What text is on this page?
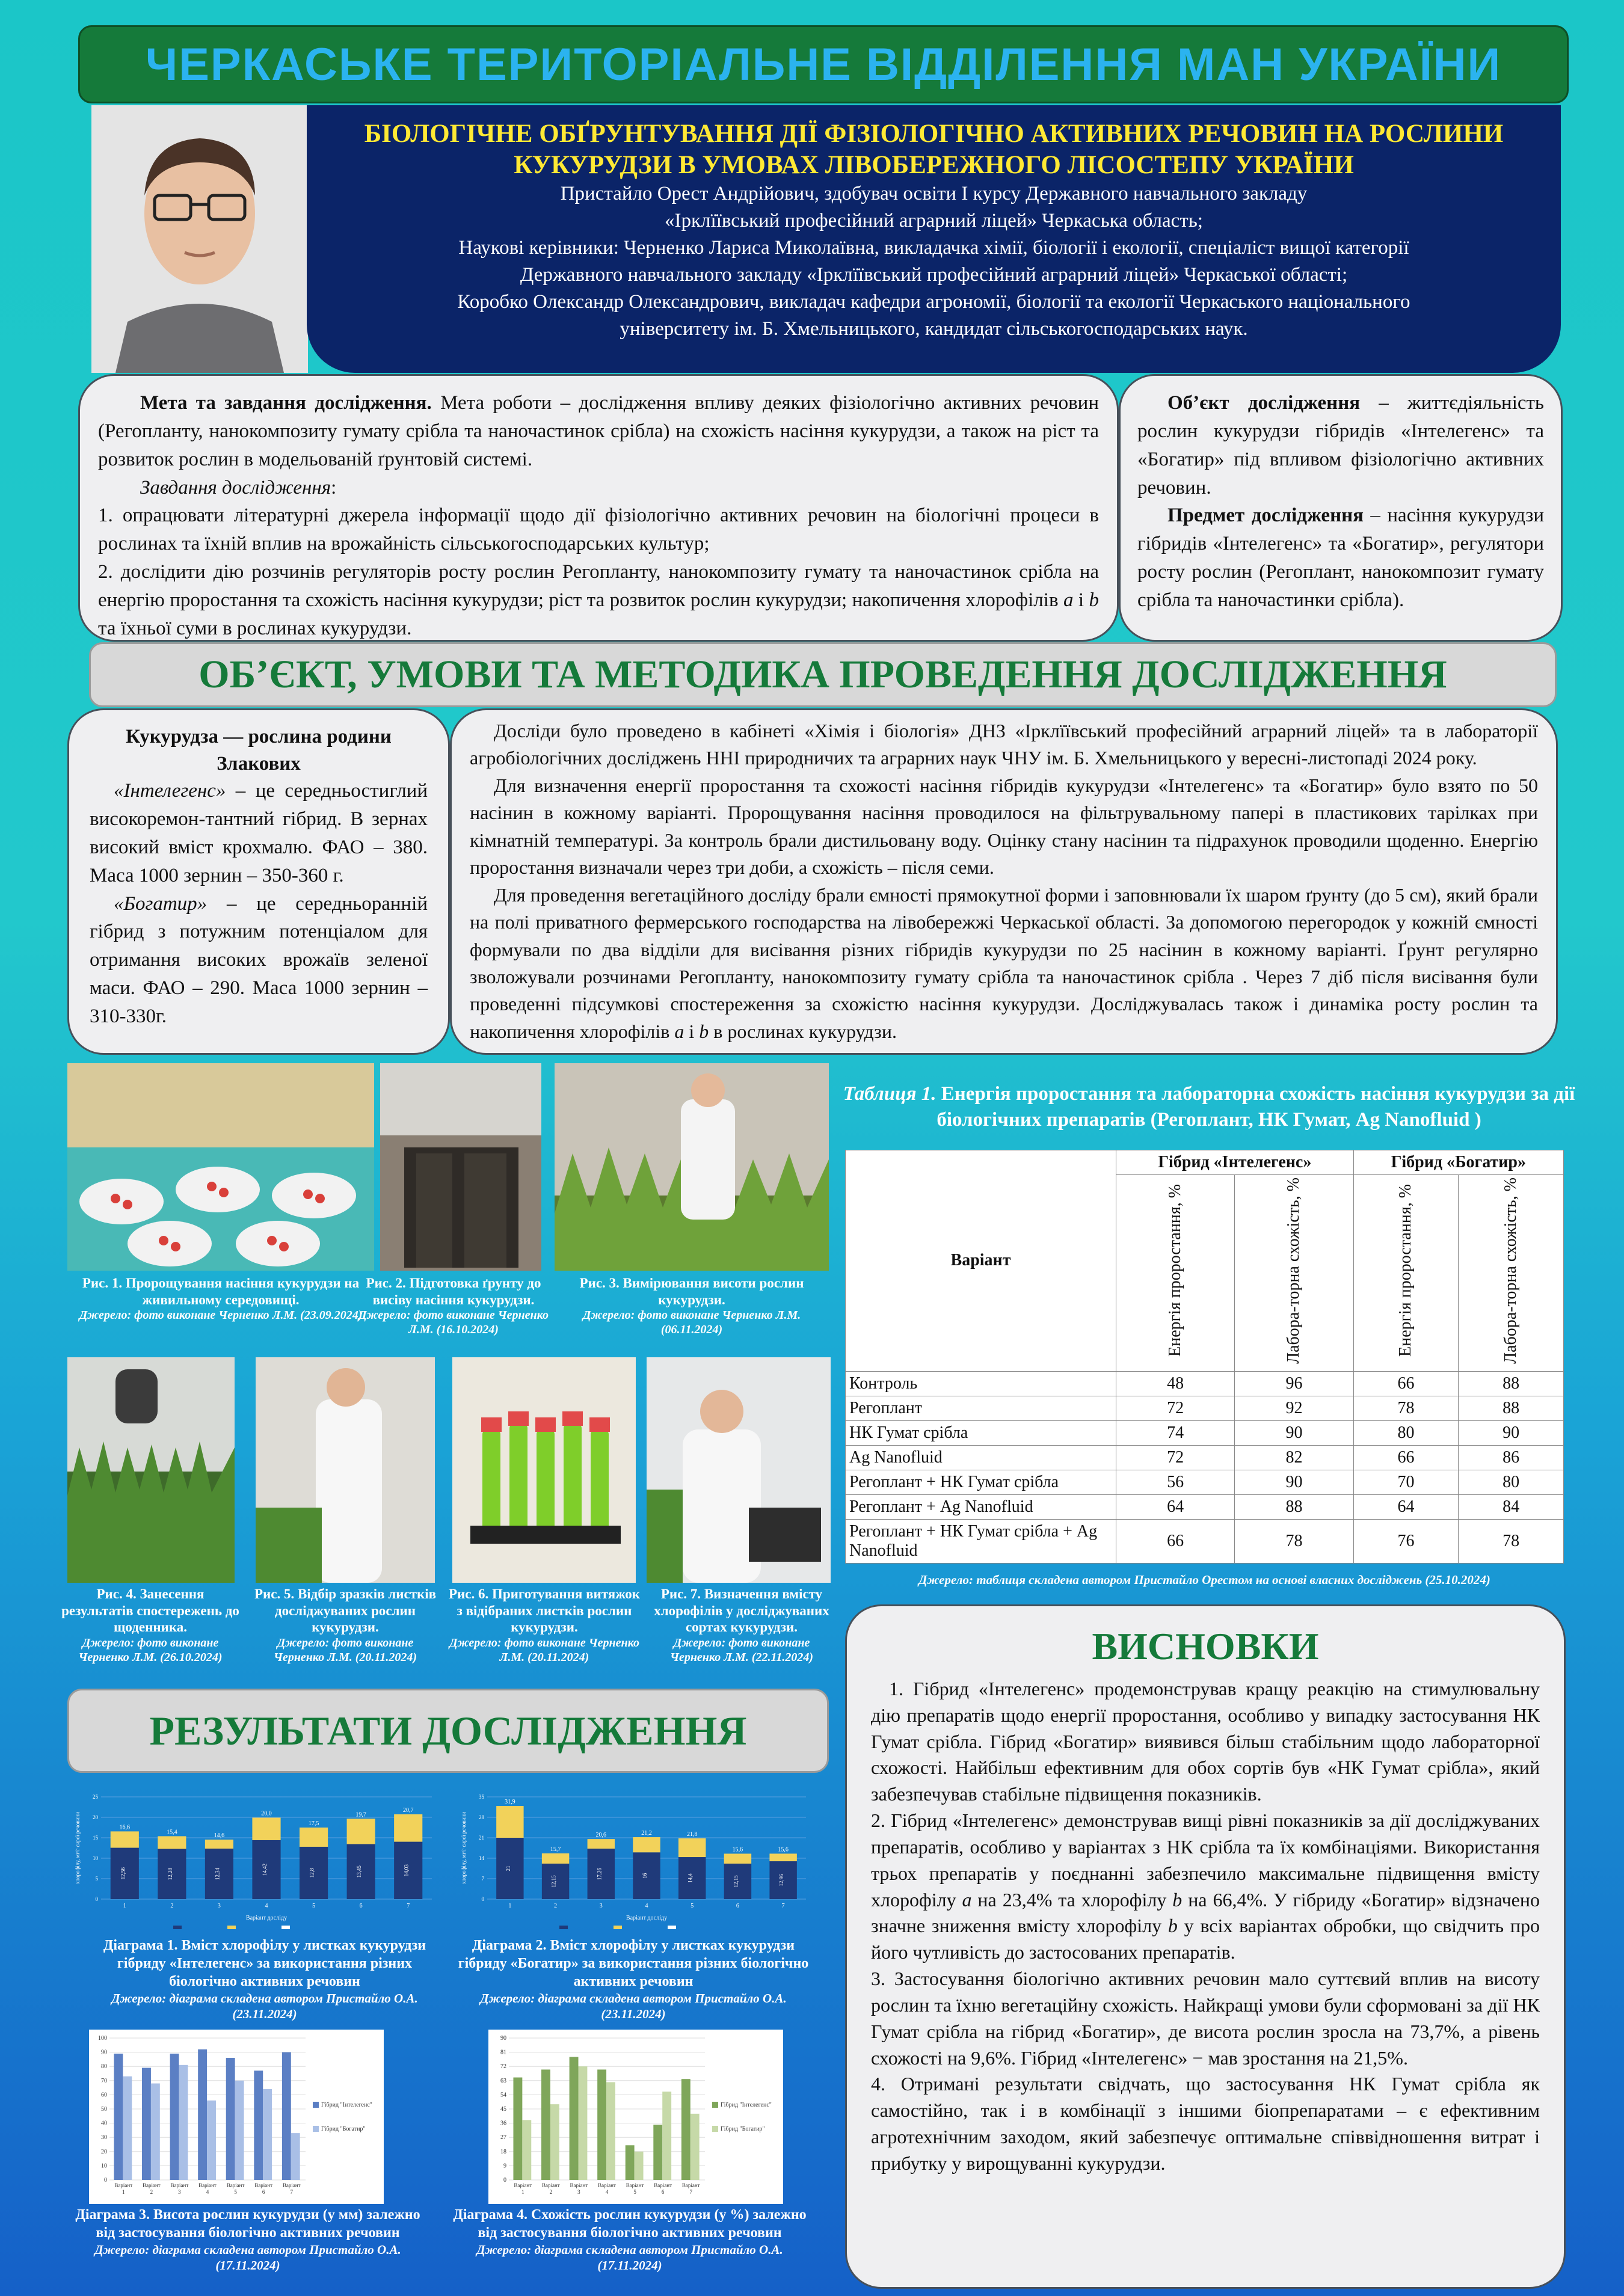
ЧЕРКАСЬКЕ ТЕРИТОРІАЛЬНЕ ВІДДІЛЕННЯ МАН УКРАЇНИ
БІОЛОГІЧНЕ ОБҐРУНТУВАННЯ ДІЇ ФІЗІОЛОГІЧНО АКТИВНИХ РЕЧОВИН НА РОСЛИНИ КУКУРУДЗИ В УМОВАХ ЛІВОБЕРЕЖНОГО ЛІСОСТЕПУ УКРАЇНИ
Пристайло Орест Андрійович, здобувач освіти І курсу Державного навчального закладу
«Ірклїївський професійний аграрний ліцей» Черкаська область;
Наукові керівники: Черненко Лариса Миколаївна, викладачка хімії, біології і екології, спеціаліст вищої категорії
Державного навчального закладу «Ірклїївський професійний аграрний ліцей» Черкаської області;
Коробко Олександр Олександрович, викладач кафедри агрономії, біології та екології Черкаського національного
університету ім. Б. Хмельницького, кандидат сільськогосподарських наук.

Мета та завдання дослідження. Мета роботи – дослідження впливу деяких фізіологічно активних речовин (Регопланту, нанокомпозиту гумату срібла та наночастинок срібла) на схожість насіння кукурудзи, а також на ріст та розвиток рослин в модельованій ґрунтовій системі.

Завдання дослідження:

1. опрацювати літературні джерела інформації щодо дії фізіологічно активних речовин на біологічні процеси в рослинах та їхній вплив на врожайність сільськогосподарських культур;

2. дослідити дію розчинів регуляторів росту рослин Регопланту, нанокомпозиту гумату та наночастинок срібла на енергію проростання та схожість насіння кукурудзи; ріст та розвиток рослин кукурудзи; накопичення хлорофілів a і b та їхньої суми в рослинах кукурудзи.

Об’єкт дослідження – життєдіяльність рослин кукурудзи гібридів «Інтелегенс» та «Богатир» під впливом фізіологічно активних речовин.

Предмет дослідження – насіння кукурудзи гібридів «Інтелегенс» та «Богатир», регулятори росту рослин (Регоплант, нанокомпозит гумату срібла та наночастинки срібла).

ОБ’ЄКТ, УМОВИ ТА МЕТОДИКА ПРОВЕДЕННЯ ДОСЛІДЖЕННЯ

Кукурудза — рослина родини Злакових

«Інтелегенс» – це середньостиглий високоремон-тантний гібрид. В зернах високий вміст крохмалю. ФАО – 380. Маса 1000 зернин – 350-360 г.

«Богатир» – це середньоранній гібрид з потужним потенціалом для отримання високих врожаїв зеленої маси. ФАО – 290. Маса 1000 зернин – 310-330г.

Досліди було проведено в кабінеті «Хімія і біологія» ДНЗ «Ірклїївський професійний аграрний ліцей» та в лабораторії агробіологічних досліджень ННІ природничих та аграрних наук ЧНУ ім. Б. Хмельницького у вересні-листопаді 2024 року.

Для визначення енергії проростання та схожості насіння гібридів кукурудзи «Інтелегенс» та «Богатир» було взято по 50 насінин в кожному варіанті. Пророщування насіння проводилося на фільтрувальному папері в пластикових тарілках при кімнатній температурі. За контроль брали дистильовану воду. Оцінку стану насінин та підрахунок проводили щоденно. Енергію проростання визначали через три доби, а схожість – після семи.

Для проведення вегетаційного досліду брали ємності прямокутної форми і заповнювали їх шаром ґрунту (до 5 см), який брали на полі приватного фермерського господарства на лівобережжі Черкаської області. За допомогою перегородок у кожній ємності формували по два відділи для висівання різних гібридів кукурудзи по 25 насінин в кожному варіанті. Ґрунт регулярно зволожували розчинами Регопланту, нанокомпозиту гумату срібла та наночастинок срібла . Через 7 діб після висівання були проведенні підсумкові спостереження за схожістю насіння кукурудзи. Досліджувалась також і динаміка росту рослин та накопичення хлорофілів a і b в рослинах кукурудзи.

Рис. 1. Пророщування насіння кукурудзи на живильному середовищі.
Джерело: фото виконане Черненко Л.М. (23.09.2024)
Рис. 2. Підготовка ґрунту до висіву насіння кукурудзи.
Джерело: фото виконане Черненко Л.М. (16.10.2024)
Рис. 3. Вимірювання висоти рослин кукурудзи.
Джерело: фото виконане Черненко Л.М. (06.11.2024)
Рис. 4. Занесення результатів спостережень до щоденника.
Джерело: фото виконане Черненко Л.М. (26.10.2024)
Рис. 5. Відбір зразків листків досліджуваних рослин кукурудзи.
Джерело: фото виконане Черненко Л.М. (20.11.2024)
Рис. 6. Приготування витяжок з відібраних листків рослин кукурудзи.
Джерело: фото виконане Черненко Л.М. (20.11.2024)
Рис. 7. Визначення вмісту хлорофілів у досліджуваних сортах кукурудзи.
Джерело: фото виконане Черненко Л.М. (22.11.2024)
Таблиця 1. Енергія проростання та лабораторна схожість насіння кукурудзи за дії біологічних препаратів (Регоплант, НК Гумат, Ag Nanofluid )
Варіант	Гібрид «Інтелегенс»		Гібрид «Богатир»	
	Енергія проростання, %	Лабора-торна схожість, %	Енергія проростання, %	Лабора-торна схожість, %
Контроль	48	96	66	88
Регоплант	72	92	78	88
НК Гумат срібла	74	90	80	90
Ag Nanofluid	72	82	66	86
Регоплант + НК Гумат срібла	56	90	70	80
Регоплант + Ag Nanofluid	64	88	64	84
Регоплант + НК Гумат срібла + Ag Nanofluid	66	78	76	78
Джерело: таблиця складена автором Пристайло Орестом на основі власних досліджень (25.10.2024)
ВИСНОВКИ

1. Гібрид «Інтелегенс» продемонстрував кращу реакцію на стимулювальну дію препаратів щодо енергії проростання, особливо у випадку застосування НК Гумат срібла. Гібрид «Богатир» виявився більш стабільним щодо лабораторної схожості. Найбільш ефективним для обох сортів був «НК Гумат срібла», який забезпечував стабільне підвищення показників.

2. Гібрид «Інтелегенс» демонстрував вищі рівні показників за дії досліджуваних препаратів, особливо у варіантах з НК срібла та їх комбінаціями. Використання трьох препаратів у поєднанні забезпечило максимальне підвищення вмісту хлорофілу a на 23,4% та хлорофілу b на 66,4%. У гібриду «Богатир» відзначено значне зниження вмісту хлорофілу b у всіх варіантах обробки, що свідчить про його чутливість до застосованих препаратів.

3. Застосування біологічно активних речовин мало суттєвий вплив на висоту рослин та їхню вегетаційну схожість. Найкращі умови були сформовані за дії НК Гумат срібла на гібрид «Богатир», де висота рослин зросла на 73,7%, а рівень схожості на 9,6%. Гібрид «Інтелегенс» − мав зростання на 21,5%.

4. Отримані результати свідчать, що застосування НК Гумат срібла як самостійно, так і в комбінації з іншими біопрепаратами – є ефективним агротехнічним заходом, який забезпечує оптимальне співвідношення витрат і прибутку у вирощуванні кукурудзи.

РЕЗУЛЬТАТИ ДОСЛІДЖЕННЯ
0
5
10
15
20
25
12,56
16,6
1
12,28
15,4
2
12,34
14,6
3
14,42
20,0
4
12,8
17,5
5
13,45
19,7
6
14,03
20,7
7
Варіант досліду
хлорофілу, мг/г сирої речовини
0
7
14
21
28
35
21
31,9
1
12,15
15,7
2
17,26
20,6
3
16
21,2
4
14,4
21,8
5
12,15
15,6
6
12,96
15,6
7
Варіант досліду
хлорофілу, мг/г сирої речовини
Діаграма 1. Вміст хлорофілу у листках кукурудзи гібриду «Інтелегенс» за використання різних біологічно активних речовин
Джерело: діаграма складена автором Пристайло О.А. (23.11.2024)
Діаграма 2. Вміст хлорофілу у листках кукурудзи гібриду «Богатир» за використання різних біологічно активних речовин
Джерело: діаграма складена автором Пристайло О.А. (23.11.2024)
0
10
20
30
40
50
60
70
80
90
100
Варіант
1
Варіант
2
Варіант
3
Варіант
4
Варіант
5
Варіант
6
Варіант
7
Гібрид "Інтелегенс"
Гібрид "Богатир"
0
9
18
27
36
45
54
63
72
81
90
Варіант
1
Варіант
2
Варіант
3
Варіант
4
Варіант
5
Варіант
6
Варіант
7
Гібрид "Інтелегенс"
Гібрид "Богатир"
Діаграма 3. Висота рослин кукурудзи (у мм) залежно від застосування біологічно активних речовин
Джерело: діаграма складена автором Пристайло О.А. (17.11.2024)
Діаграма 4. Схожість рослин кукурудзи (у %) залежно від застосування біологічно активних речовин
Джерело: діаграма складена автором Пристайло О.А. (17.11.2024)
